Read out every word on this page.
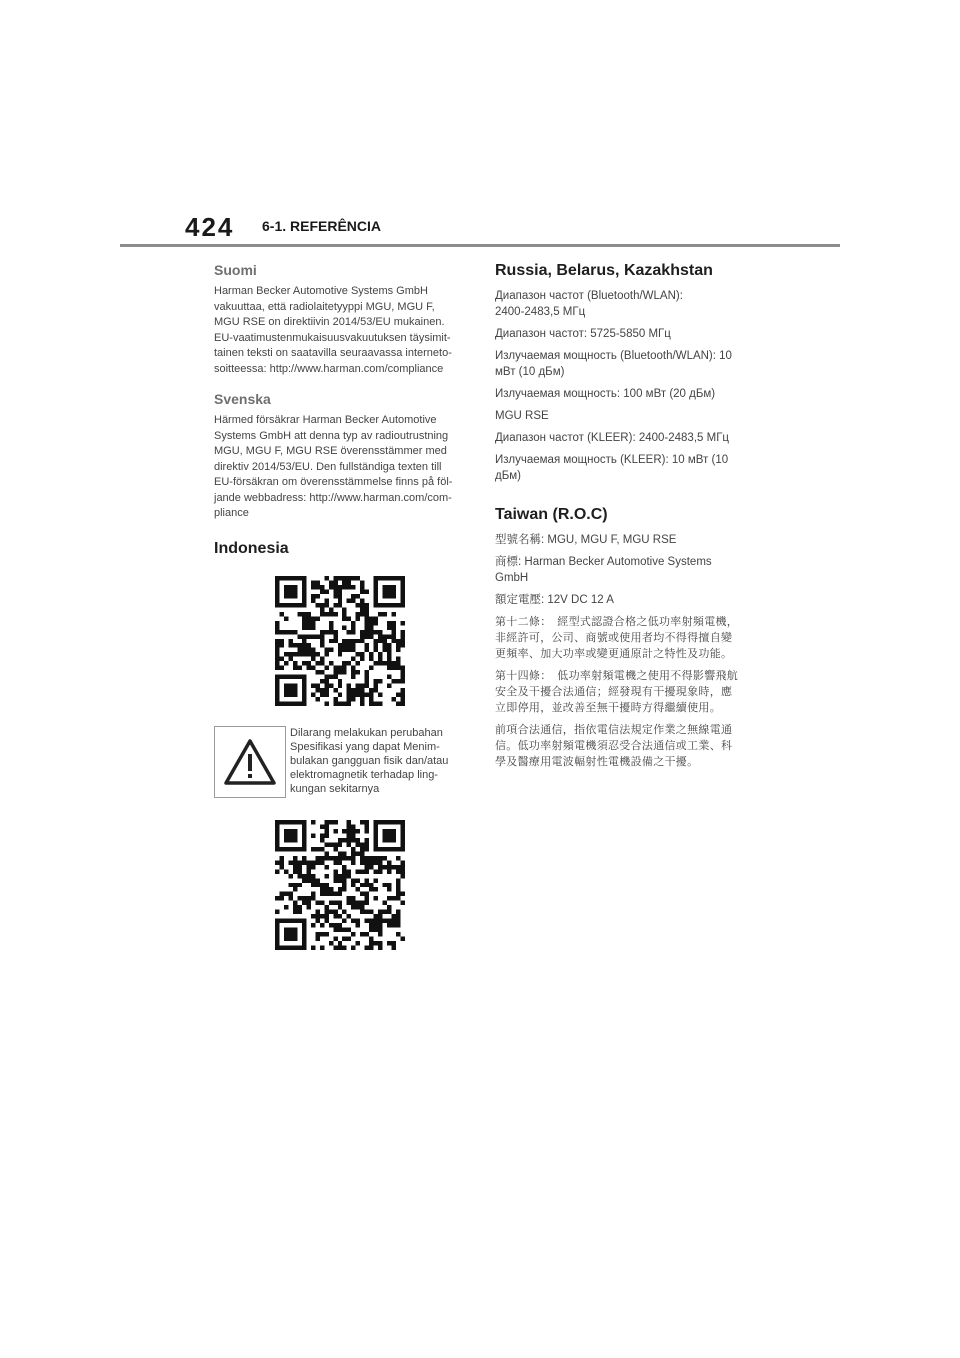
424 6-1. REFERÊNCIA
Suomi
Harman Becker Automotive Systems GmbH
vakuuttaa, että radiolaitetyyppi MGU, MGU F,
MGU RSE on direktiivin 2014/53/EU mukainen.
EU-vaatimustenmukaisuusvakuutuksen täysimit-
tainen teksti on saatavilla seuraavassa interneto-
soitteessa: http://www.harman.com/compliance
Svenska
Härmed försäkrar Harman Becker Automotive
Systems GmbH att denna typ av radioutrustning
MGU, MGU F, MGU RSE överensstämmer med
direktiv 2014/53/EU. Den fullständiga texten till
EU-försäkran om överensstämmelse finns på föl-
jande webbadress: http://www.harman.com/com-
pliance
Indonesia
Dilarang melakukan perubahan
Spesifikasi yang dapat Menim-
bulakan gangguan fisik dan/atau
elektromagnetik terhadap ling-
kungan sekitarnya
Russia, Belarus, Kazakhstan
Диапазон частот (Bluetooth/WLAN):
2400-2483,5 МГц
Диапазон частот: 5725-5850 МГц
Излучаемая мощность (Bluetooth/WLAN): 10
мВт (10 дБм)
Излучаемая мощность: 100 мВт (20 дБм)
MGU RSE
Диапазон частот (KLEER): 2400-2483,5 МГц
Излучаемая мощность (KLEER): 10 мВт (10
дБм)
Taiwan (R.O.C)
型號名稱: MGU, MGU F, MGU RSE
商標: Harman Becker Automotive Systems
GmbH
額定電壓: 12V DC 12 A
第十二條：　經型式認證合格之低功率射頻電機，
非經許可，公司、商號或使用者均不得得擅自變
更頻率、加大功率或變更通原計之特性及功能。
第十四條：　低功率射頻電機之使用不得影響飛航
安全及干擾合法通信；經發現有干擾現象時，應
立即停用，並改善至無干擾時方得繼續使用。
前項合法通信，指依電信法規定作業之無線電通
信。低功率射頻電機須忍受合法通信或工業、科
學及醫療用電波輻射性電機設備之干擾。
